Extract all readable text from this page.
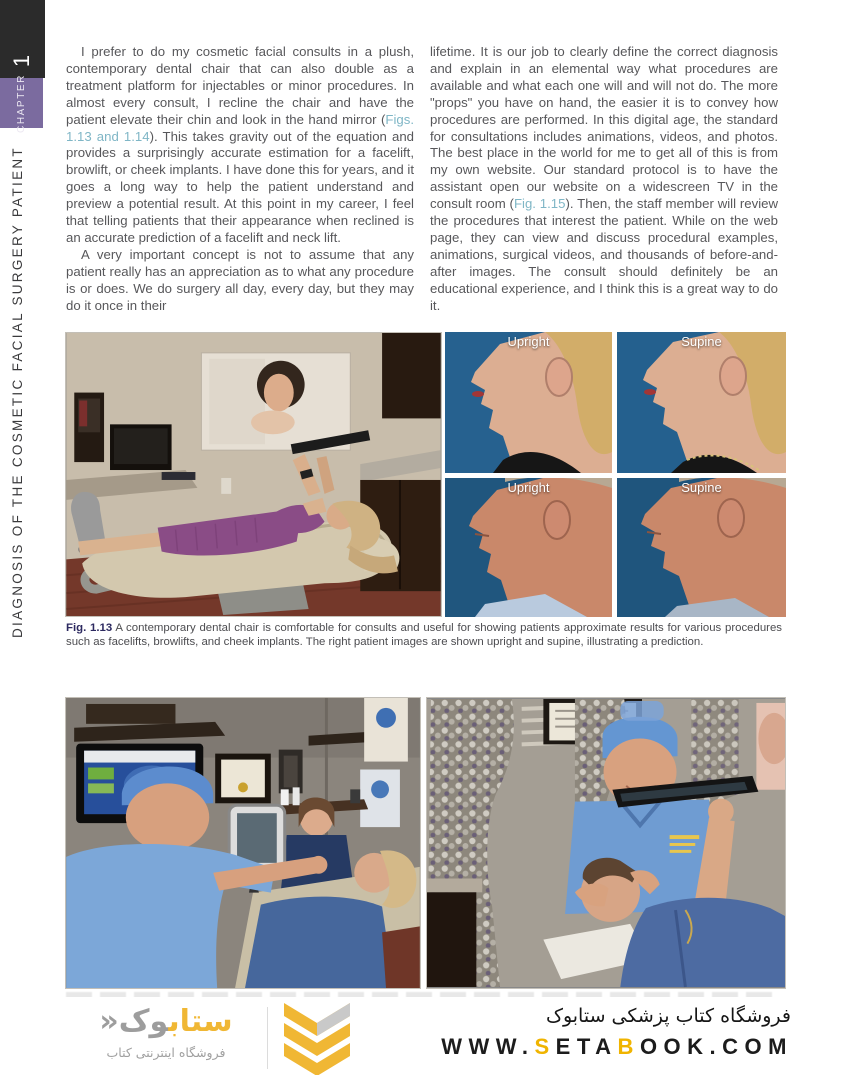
1
CHAPTER
DIAGNOSIS OF THE COSMETIC FACIAL SURGERY PATIENT

I prefer to do my cosmetic facial consults in a plush, contemporary dental chair that can also double as a treatment platform for injectables or minor procedures. In almost every consult, I recline the chair and have the patient elevate their chin and look in the hand mirror (Figs. 1.13 and 1.14). This takes gravity out of the equation and provides a surprisingly accurate estimation for a facelift, browlift, or cheek implants. I have done this for years, and it goes a long way to help the patient understand and preview a potential result. At this point in my career, I feel that telling patients that their appearance when reclined is an accurate prediction of a facelift and neck lift.

A very important concept is not to assume that any patient really has an appreciation as to what any procedure is or does. We do surgery all day, every day, but they may do it once in their

lifetime. It is our job to clearly define the correct diagnosis and explain in an elemental way what procedures are available and what each one will and will not do. The more "props" you have on hand, the easier it is to convey how procedures are performed. In this digital age, the standard for consultations includes animations, videos, and photos. The best place in the world for me to get all of this is from my own website. Our standard protocol is to have the assistant open our website on a widescreen TV in the consult room (Fig. 1.15). Then, the staff member will review the procedures that interest the patient. While on the web page, they can view and discuss procedural examples, animations, surgical videos, and thousands of before-and-after images. The consult should definitely be an educational experience, and I think this is a great way to do it.

Upright	Supine
Upright	Supine
Fig. 1.13 A contemporary dental chair is comfortable for consults and useful for showing patients approximate results for various procedures such as facelifts, browlifts, and cheek implants. The right patient images are shown upright and supine, illustrating a prediction.
ستابوک«
فروشگاه اینترنتی کتاب
فروشگاه کتاب پزشکی ستابوک
WWW.SETABOOK.COM
